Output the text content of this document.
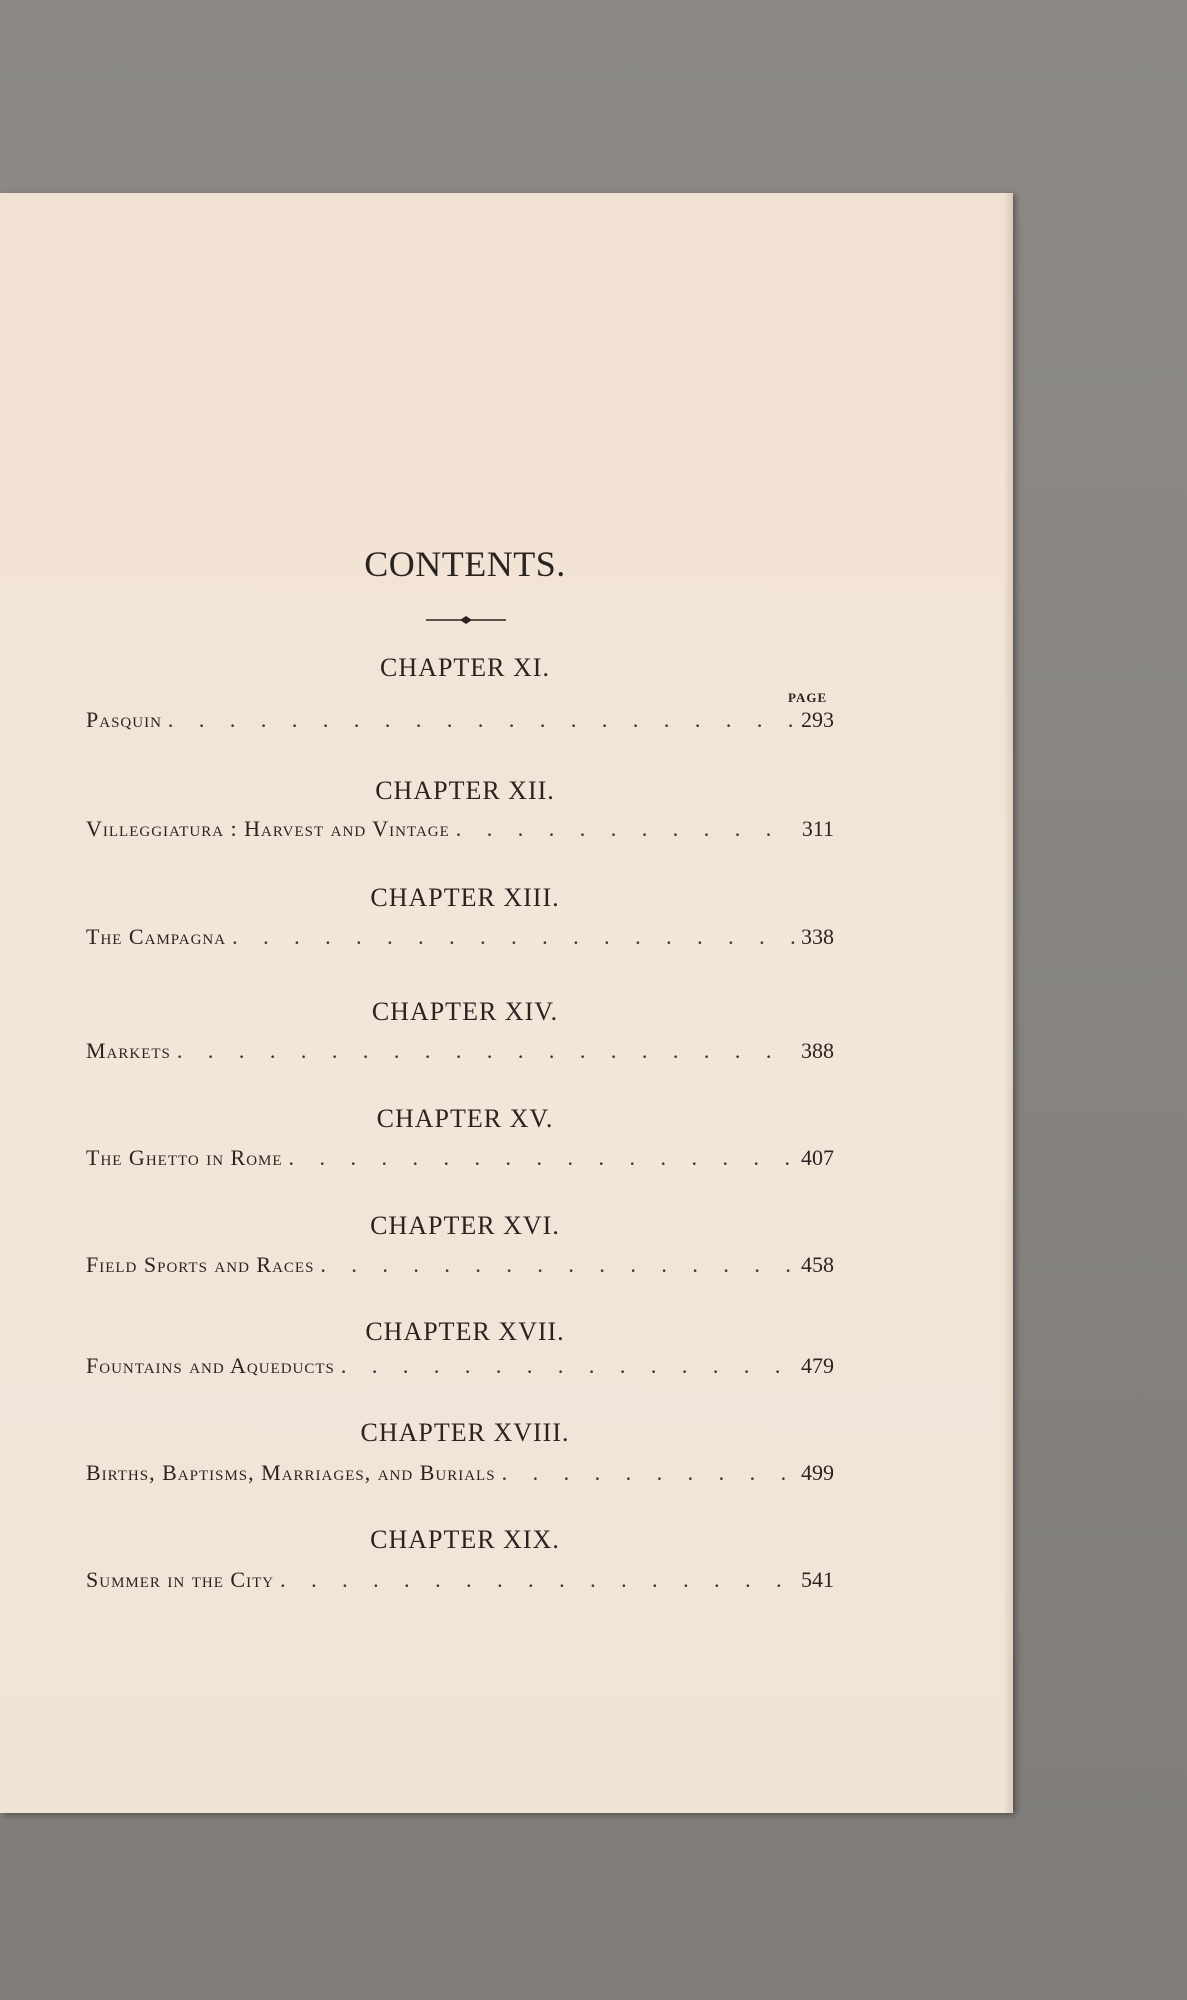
CONTENTS.
PAGE
CHAPTER XI.
Pasquin . . .	293
CHAPTER XII.
Villeggiatura : Harvest and Vintage . . .	311
CHAPTER XIII.
The Campagna . . .	338
CHAPTER XIV.
Markets . . .	388
CHAPTER XV.
The Ghetto in Rome . . .	407
CHAPTER XVI.
Field Sports and Races . . .	458
CHAPTER XVII.
Fountains and Aqueducts . . .	479
CHAPTER XVIII.
Births, Baptisms, Marriages, and Burials . . .	499
CHAPTER XIX.
Summer in the City . . .	541
